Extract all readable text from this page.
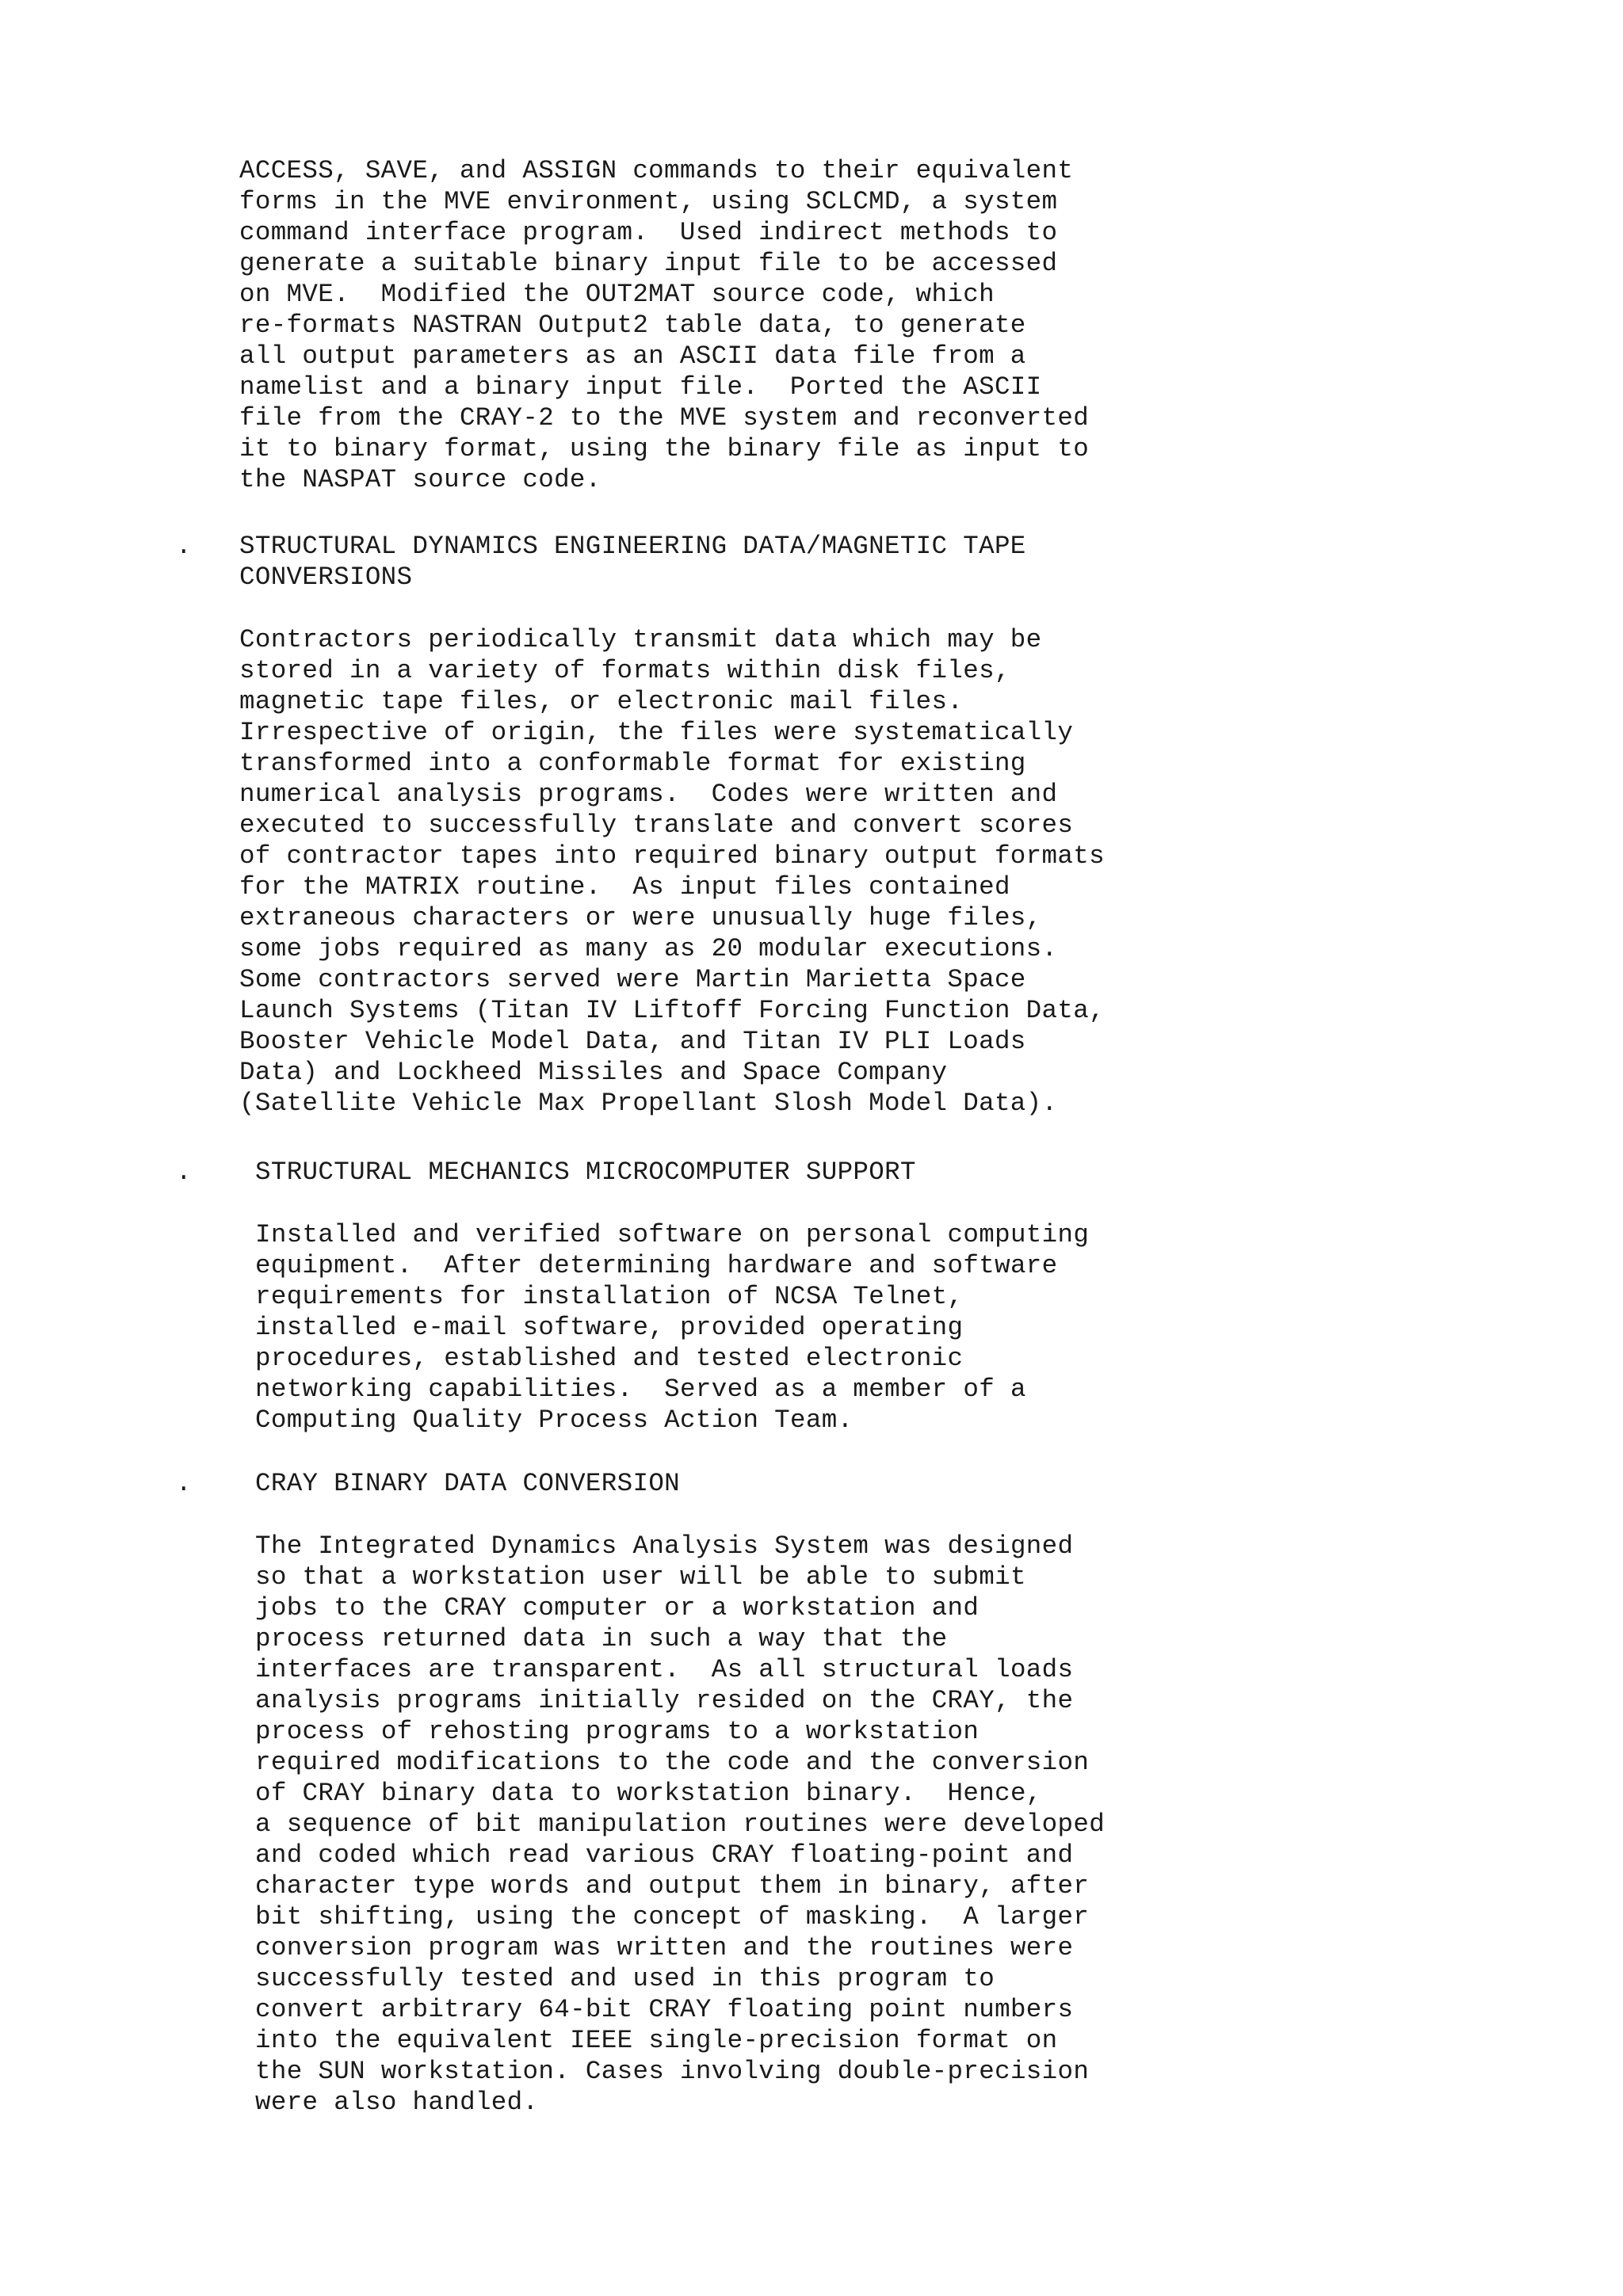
ACCESS, SAVE, and ASSIGN commands to their equivalent
forms in the MVE environment, using SCLCMD, a system
command interface program.  Used indirect methods to
generate a suitable binary input file to be accessed
on MVE.  Modified the OUT2MAT source code, which
re-formats NASTRAN Output2 table data, to generate
all output parameters as an ASCII data file from a
namelist and a binary input file.  Ported the ASCII
file from the CRAY-2 to the MVE system and reconverted
it to binary format, using the binary file as input to
the NASPAT source code.

. STRUCTURAL DYNAMICS ENGINEERING DATA/MAGNETIC TAPE
CONVERSIONS

Contractors periodically transmit data which may be
stored in a variety of formats within disk files,
magnetic tape files, or electronic mail files.
Irrespective of origin, the files were systematically
transformed into a conformable format for existing
numerical analysis programs.  Codes were written and
executed to successfully translate and convert scores
of contractor tapes into required binary output formats
for the MATRIX routine.  As input files contained
extraneous characters or were unusually huge files,
some jobs required as many as 20 modular executions.
Some contractors served were Martin Marietta Space
Launch Systems (Titan IV Liftoff Forcing Function Data,
Booster Vehicle Model Data, and Titan IV PLI Loads
Data) and Lockheed Missiles and Space Company
(Satellite Vehicle Max Propellant Slosh Model Data).

. STRUCTURAL MECHANICS MICROCOMPUTER SUPPORT

Installed and verified software on personal computing
equipment.  After determining hardware and software
requirements for installation of NCSA Telnet,
installed e-mail software, provided operating
procedures, established and tested electronic
networking capabilities.  Served as a member of a
Computing Quality Process Action Team.

. CRAY BINARY DATA CONVERSION

The Integrated Dynamics Analysis System was designed
so that a workstation user will be able to submit
jobs to the CRAY computer or a workstation and
process returned data in such a way that the
interfaces are transparent.  As all structural loads
analysis programs initially resided on the CRAY, the
process of rehosting programs to a workstation
required modifications to the code and the conversion
of CRAY binary data to workstation binary.  Hence,
a sequence of bit manipulation routines were developed
and coded which read various CRAY floating-point and
character type words and output them in binary, after
bit shifting, using the concept of masking.  A larger
conversion program was written and the routines were
successfully tested and used in this program to
convert arbitrary 64-bit CRAY floating point numbers
into the equivalent IEEE single-precision format on
the SUN workstation. Cases involving double-precision
were also handled.
